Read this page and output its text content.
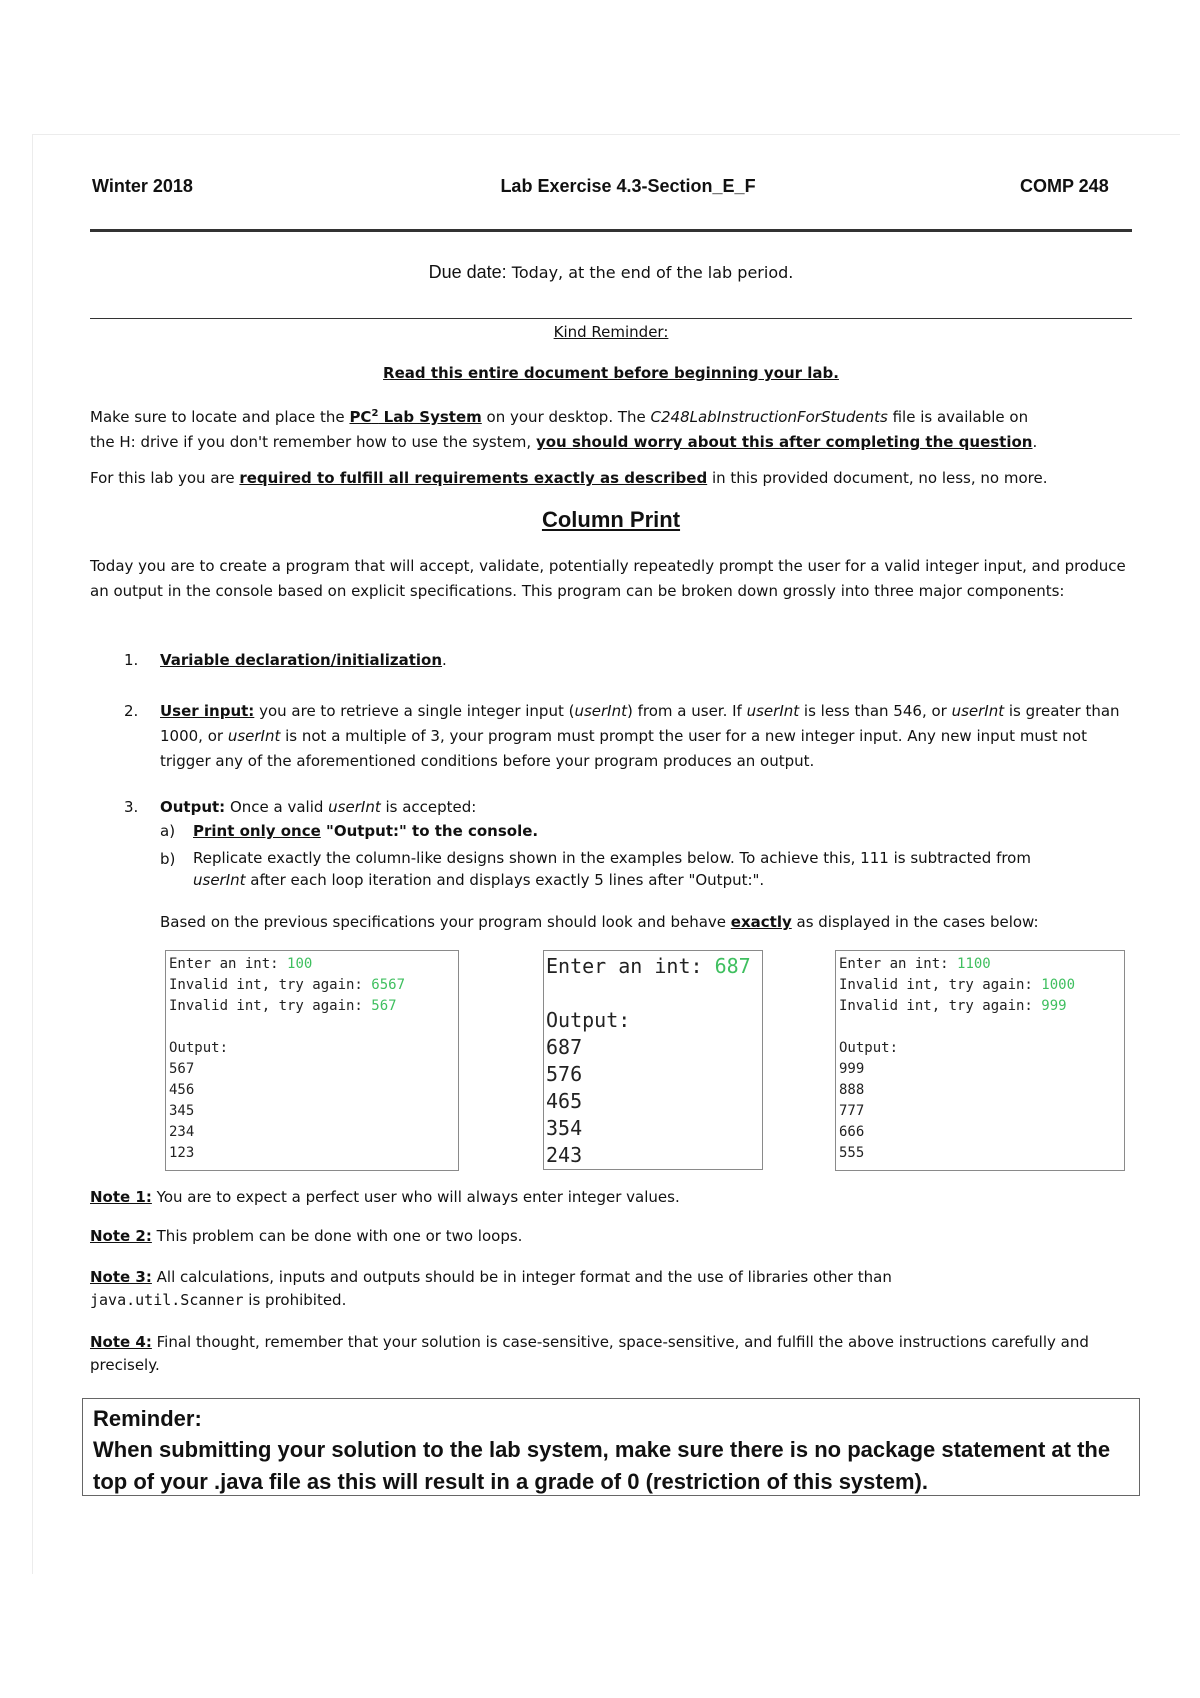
Winter 2018	Lab Exercise 4.3-Section_E_F	COMP 248
Due date: Today, at the end of the lab period.
Kind Reminder:
Read this entire document before beginning your lab.
Make sure to locate and place the $PC^2$ Lab System on your desktop. The C248LabInstructionForStudents file is available on
the H: drive if you don't remember how to use the system, you should worry about this after completing the question.
For this lab you are required to fulfill all requirements exactly as described in this provided document, no less, no more.
Column Print
Today you are to create a program that will accept, validate, potentially repeatedly prompt the user for a valid integer input, and produce an output in the console based on explicit specifications. This program can be broken down grossly into three major components:
1. Variable declaration/initialization.
2. User input: you are to retrieve a single integer input (userInt) from a user. If userInt is less than 546, or userInt is greater than 1000, or userInt is not a multiple of 3, your program must prompt the user for a new integer input. Any new input must not trigger any of the aforementioned conditions before your program produces an output.
3. Output: Once a valid userInt is accepted:
a) Print only once "Output:" to the console.
b) Replicate exactly the column-like designs shown in the examples below. To achieve this, 111 is subtracted from
userInt after each loop iteration and displays exactly 5 lines after "Output:".
Based on the previous specifications your program should look and behave exactly as displayed in the cases below:
Enter an int: 100
Invalid int, try again: 6567
Invalid int, try again: 567

Output:
567
456
345
234
123
Enter an int: 687

Output:
687
576
465
354
243
Enter an int: 1100
Invalid int, try again: 1000
Invalid int, try again: 999

Output:
999
888
777
666
555
Note 1: You are to expect a perfect user who will always enter integer values.
Note 2: This problem can be done with one or two loops.
Note 3: All calculations, inputs and outputs should be in integer format and the use of libraries other than
java.util.Scanner is prohibited.
Note 4: Final thought, remember that your solution is case-sensitive, space-sensitive, and fulfill the above instructions carefully and precisely.
Reminder:
When submitting your solution to the lab system, make sure there is no package statement at the top of your .java file as this will result in a grade of 0 (restriction of this system).
